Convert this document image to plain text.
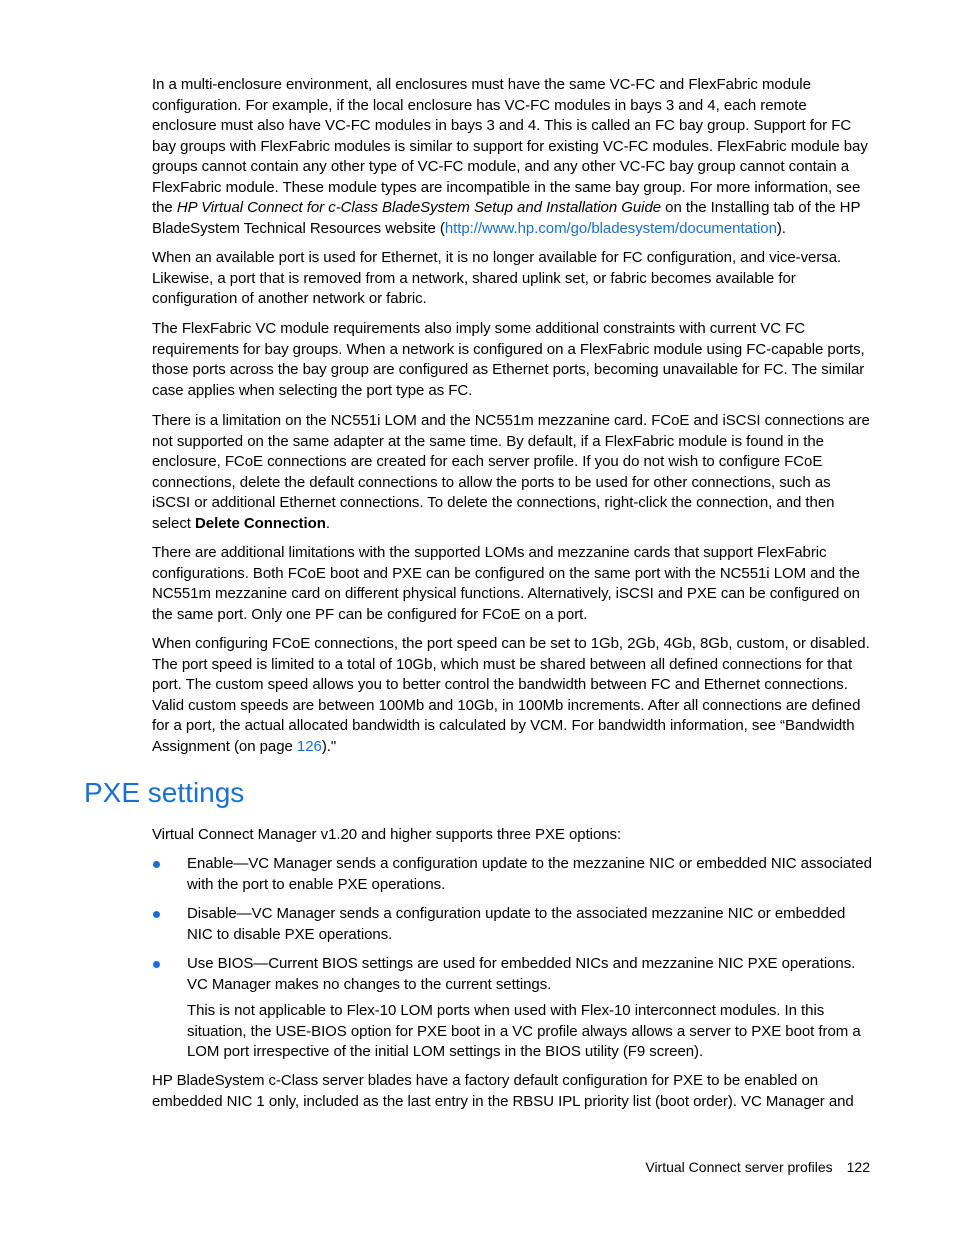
In a multi-enclosure environment, all enclosures must have the same VC-FC and FlexFabric module configuration. For example, if the local enclosure has VC-FC modules in bays 3 and 4, each remote enclosure must also have VC-FC modules in bays 3 and 4. This is called an FC bay group. Support for FC bay groups with FlexFabric modules is similar to support for existing VC-FC modules. FlexFabric module bay groups cannot contain any other type of VC-FC module, and any other VC-FC bay group cannot contain a FlexFabric module. These module types are incompatible in the same bay group. For more information, see the HP Virtual Connect for c-Class BladeSystem Setup and Installation Guide on the Installing tab of the HP BladeSystem Technical Resources website (http://www.hp.com/go/bladesystem/documentation).

When an available port is used for Ethernet, it is no longer available for FC configuration, and vice-versa. Likewise, a port that is removed from a network, shared uplink set, or fabric becomes available for configuration of another network or fabric.

The FlexFabric VC module requirements also imply some additional constraints with current VC FC requirements for bay groups. When a network is configured on a FlexFabric module using FC-capable ports, those ports across the bay group are configured as Ethernet ports, becoming unavailable for FC. The similar case applies when selecting the port type as FC.

There is a limitation on the NC551i LOM and the NC551m mezzanine card. FCoE and iSCSI connections are not supported on the same adapter at the same time. By default, if a FlexFabric module is found in the enclosure, FCoE connections are created for each server profile. If you do not wish to configure FCoE connections, delete the default connections to allow the ports to be used for other connections, such as iSCSI or additional Ethernet connections. To delete the connections, right-click the connection, and then select Delete Connection.

There are additional limitations with the supported LOMs and mezzanine cards that support FlexFabric configurations. Both FCoE boot and PXE can be configured on the same port with the NC551i LOM and the NC551m mezzanine card on different physical functions. Alternatively, iSCSI and PXE can be configured on the same port. Only one PF can be configured for FCoE on a port.

When configuring FCoE connections, the port speed can be set to 1Gb, 2Gb, 4Gb, 8Gb, custom, or disabled. The port speed is limited to a total of 10Gb, which must be shared between all defined connections for that port. The custom speed allows you to better control the bandwidth between FC and Ethernet connections. Valid custom speeds are between 100Mb and 10Gb, in 100Mb increments. After all connections are defined for a port, the actual allocated bandwidth is calculated by VCM. For bandwidth information, see “Bandwidth Assignment (on page 126)."

PXE settings

Virtual Connect Manager v1.20 and higher supports three PXE options:

Enable—VC Manager sends a configuration update to the mezzanine NIC or embedded NIC associated with the port to enable PXE operations.

Disable—VC Manager sends a configuration update to the associated mezzanine NIC or embedded NIC to disable PXE operations.

Use BIOS—Current BIOS settings are used for embedded NICs and mezzanine NIC PXE operations. VC Manager makes no changes to the current settings.

This is not applicable to Flex-10 LOM ports when used with Flex-10 interconnect modules. In this situation, the USE-BIOS option for PXE boot in a VC profile always allows a server to PXE boot from a LOM port irrespective of the initial LOM settings in the BIOS utility (F9 screen).

HP BladeSystem c-Class server blades have a factory default configuration for PXE to be enabled on embedded NIC 1 only, included as the last entry in the RBSU IPL priority list (boot order). VC Manager and

Virtual Connect server profiles 122
